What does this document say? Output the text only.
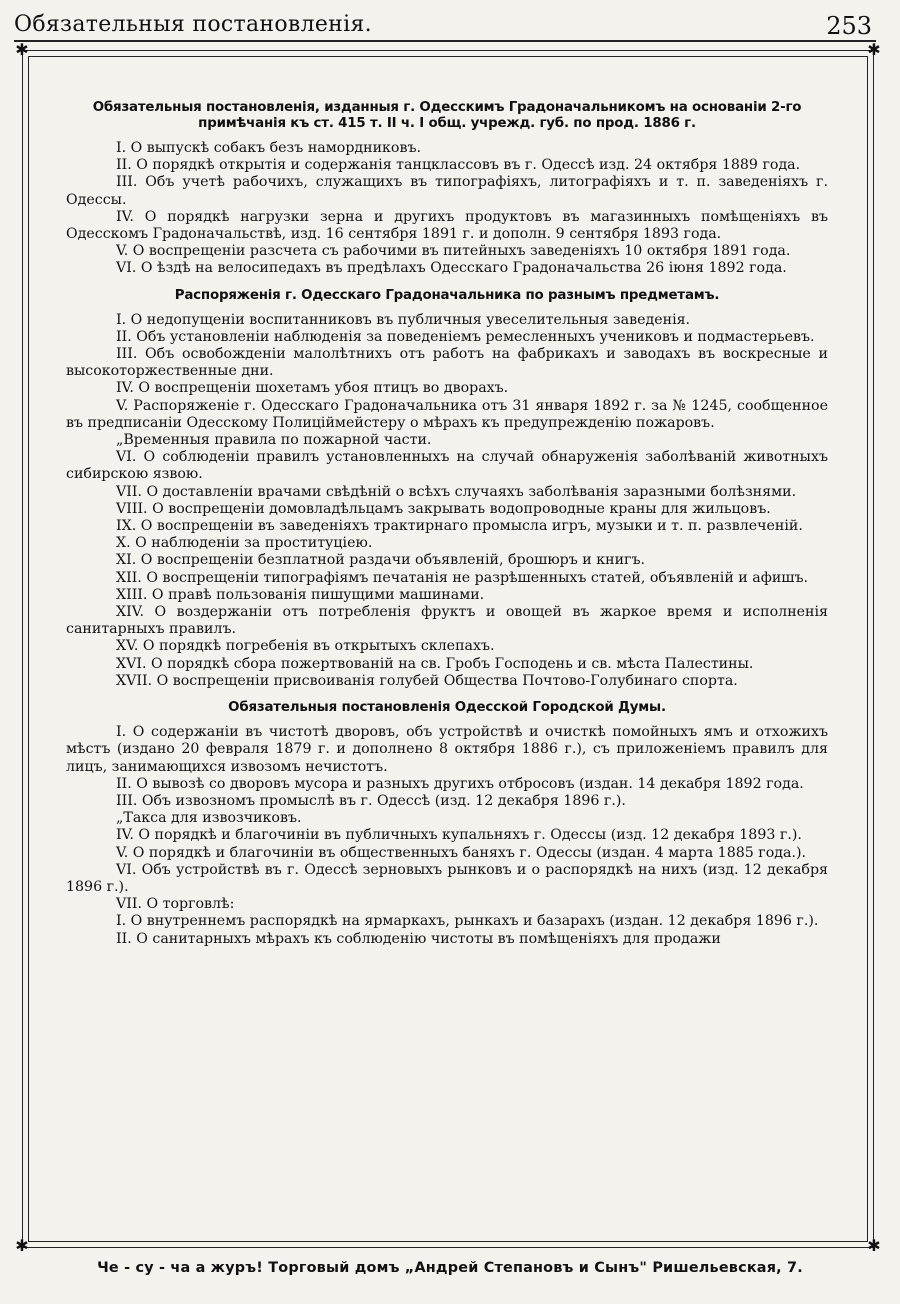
Обязательныя постановленія.	253
✱	✱
✱	✱
Обязательныя постановленія, изданныя г. Одесскимъ Градоначальникомъ на основаніи 2-го примѣчанія къ ст. 415 т. II ч. I общ. учрежд. губ. по прод. 1886 г.

I. О выпускѣ собакъ безъ намордниковъ.

II. О порядкѣ открытія и содержанія танцклассовъ въ г. Одессѣ изд. 24 октября 1889 года.

III. Объ учетѣ рабочихъ, служащихъ въ типографіяхъ, литографіяхъ и т. п. заведеніяхъ г. Одессы.

IV. О порядкѣ нагрузки зерна и другихъ продуктовъ въ магазинныхъ помѣщеніяхъ въ Одесскомъ Градоначальствѣ, изд. 16 сентября 1891 г. и дополн. 9 сентября 1893 года.

V. О воспрещеніи разсчета съ рабочими въ питейныхъ заведеніяхъ 10 октября 1891 года.

VI. О ѣздѣ на велосипедахъ въ предѣлахъ Одесскаго Градоначальства 26 іюня 1892 года.

Распоряженія г. Одесскаго Градоначальника по разнымъ предметамъ.

I. О недопущеніи воспитанниковъ въ публичныя увеселительныя заведенія.

II. Объ установленіи наблюденія за поведеніемъ ремесленныхъ учениковъ и подмастерьевъ.

III. Объ освобожденіи малолѣтнихъ отъ работъ на фабрикахъ и заводахъ въ воскресные и высокоторжественные дни.

IV. О воспрещеніи шохетамъ убоя птицъ во дворахъ.

V. Распоряженіе г. Одесскаго Градоначальника отъ 31 января 1892 г. за № 1245, сообщенное въ предписаніи Одесскому Полиціймейстеру о мѣрахъ къ предупрежденію пожаровъ.

„Временныя правила по пожарной части.

VI. О соблюденіи правилъ установленныхъ на случай обнаруженія заболѣваній животныхъ сибирскою язвою.

VII. О доставленіи врачами свѣдѣній о всѣхъ случаяхъ заболѣванія заразными болѣзнями.

VIII. О воспрещеніи домовладѣльцамъ закрывать водопроводные краны для жильцовъ.

IX. О воспрещеніи въ заведеніяхъ трактирнаго промысла игръ, музыки и т. п. развлеченій.

X. О наблюденіи за проституціею.

XI. О воспрещеніи безплатной раздачи объявленій, брошюръ и книгъ.

XII. О воспрещеніи типографіямъ печатанія не разрѣшенныхъ статей, объявленій и афишъ.

XIII. О правѣ пользованія пишущими машинами.

XIV. О воздержаніи отъ потребленія фруктъ и овощей въ жаркое время и исполненія санитарныхъ правилъ.

XV. О порядкѣ погребенія въ открытыхъ склепахъ.

XVI. О порядкѣ сбора пожертвованій на св. Гробъ Господень и св. мѣста Палестины.

XVII. О воспрещеніи присвоиванія голубей Общества Почтово-Голубинаго спорта.

Обязательныя постановленія Одесской Городской Думы.

I. О содержаніи въ чистотѣ дворовъ, объ устройствѣ и очисткѣ помойныхъ ямъ и отхожихъ мѣстъ (издано 20 февраля 1879 г. и дополнено 8 октября 1886 г.), съ приложеніемъ правилъ для лицъ, занимающихся извозомъ нечистотъ.

II. О вывозѣ со дворовъ мусора и разныхъ другихъ отбросовъ (издан. 14 декабря 1892 года.

III. Объ извозномъ промыслѣ въ г. Одессѣ (изд. 12 декабря 1896 г.).

„Такса для извозчиковъ.

IV. О порядкѣ и благочиніи въ публичныхъ купальняхъ г. Одессы (изд. 12 декабря 1893 г.).

V. О порядкѣ и благочиніи въ общественныхъ баняхъ г. Одессы (издан. 4 марта 1885 года.).

VI. Объ устройствѣ въ г. Одессѣ зерновыхъ рынковъ и о распорядкѣ на нихъ (изд. 12 декабря 1896 г.).

VII. О торговлѣ:

I. О внутреннемъ распорядкѣ на ярмаркахъ, рынкахъ и базарахъ (издан. 12 декабря 1896 г.).

II. О санитарныхъ мѣрахъ къ соблюденію чистоты въ помѣщеніяхъ для продажи

Че - су - ча а журъ! Торговый домъ „Андрей Степановъ и Сынъ" Ришельевская, 7.
